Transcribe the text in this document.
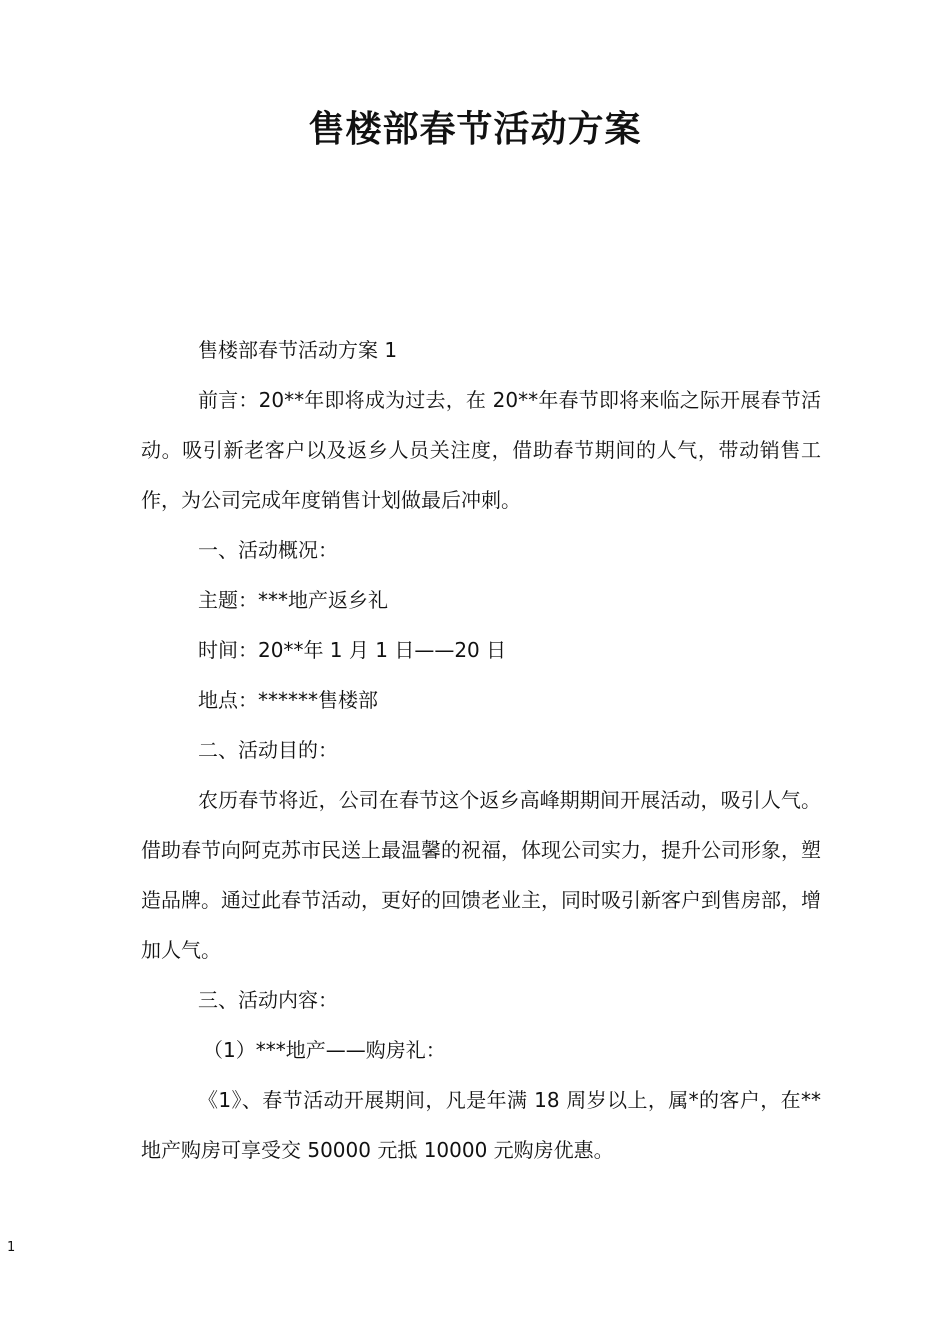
售楼部春节活动方案

售楼部春节活动方案 1

前言：20**年即将成为过去，在 20**年春节即将来临之际开展春节活动。吸引新老客户以及返乡人员关注度，借助春节期间的人气，带动销售工作，为公司完成年度销售计划做最后冲刺。

一、活动概况：

主题：***地产返乡礼

时间：20**年 1 月 1 日——20 日

地点：******售楼部

二、活动目的：

农历春节将近，公司在春节这个返乡高峰期期间开展活动，吸引人气。借助春节向阿克苏市民送上最温馨的祝福，体现公司实力，提升公司形象，塑造品牌。通过此春节活动，更好的回馈老业主，同时吸引新客户到售房部，增加人气。

三、活动内容：

（1）***地产——购房礼：

《1》、春节活动开展期间，凡是年满 18 周岁以上，属*的客户，在**地产购房可享受交 50000 元抵 10000 元购房优惠。

1
